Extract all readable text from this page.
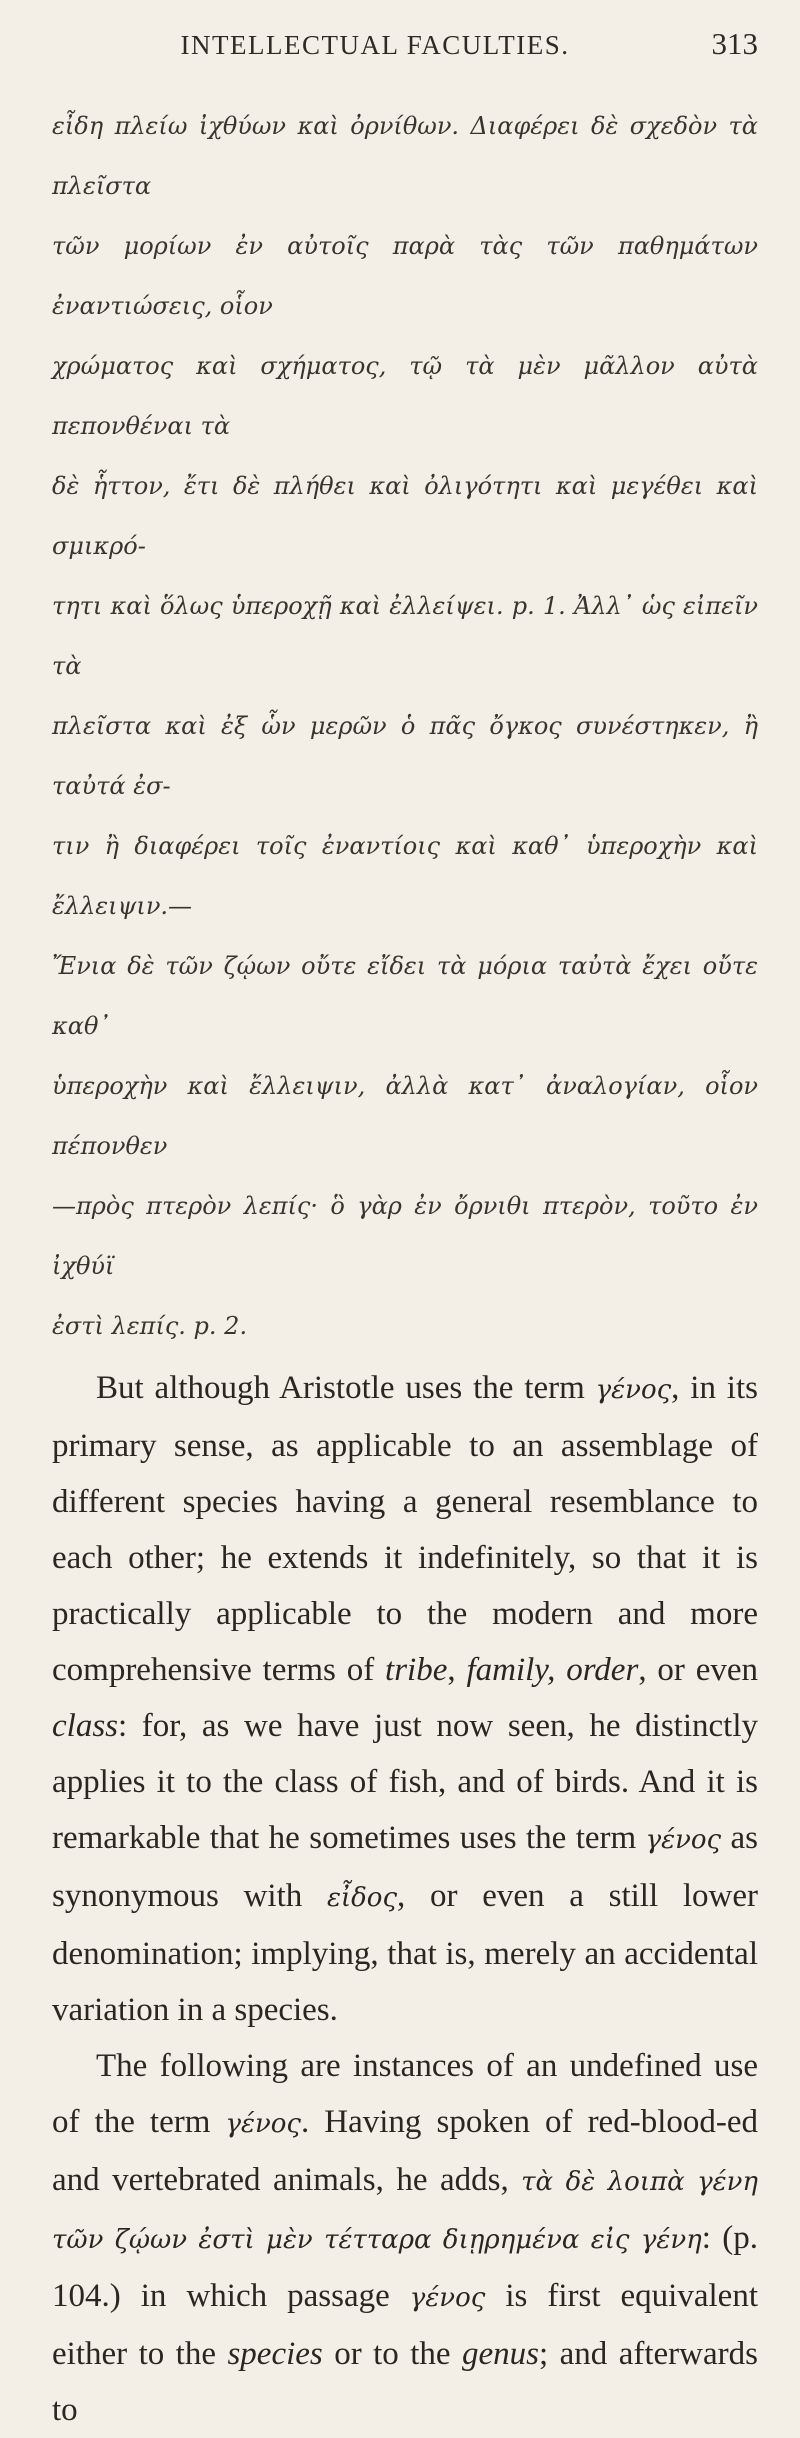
INTELLECTUAL FACULTIES.	313

εἶδη πλείω ἰχθύων καὶ ὀρνίθων. Διαφέρει δὲ σχεδὸν τὰ πλεῖστα

τῶν μορίων ἐν αὐτοῖς παρὰ τὰς τῶν παθημάτων ἐναντιώσεις, οἷον

χρώματος καὶ σχήματος, τῷ τὰ μὲν μᾶλλον αὐτὰ πεπονθέναι τὰ

δὲ ἧττον, ἔτι δὲ πλήθει καὶ ὀλιγότητι καὶ μεγέθει καὶ σμικρό-

τητι καὶ ὅλως ὑπεροχῇ καὶ ἐλλείψει. p. 1. Ἀλλ᾽ ὡς εἰπεῖν τὰ

πλεῖστα καὶ ἐξ ὧν μερῶν ὁ πᾶς ὄγκος συνέστηκεν, ἢ ταὐτά ἐσ-

τιν ἢ διαφέρει τοῖς ἐναντίοις καὶ καθ᾽ ὑπεροχὴν καὶ ἔλλειψιν.—

Ἔνια δὲ τῶν ζῴων οὔτε εἴδει τὰ μόρια ταὐτὰ ἔχει οὔτε καθ᾽

ὑπεροχὴν καὶ ἔλλειψιν, ἀλλὰ κατ᾽ ἀναλογίαν, οἷον πέπονθεν

—πρὸς πτερὸν λεπίς· ὃ γὰρ ἐν ὄρνιθι πτερὸν, τοῦτο ἐν ἰχθύϊ

ἐστὶ λεπίς. p. 2.

But although Aristotle uses the term γένος, in its primary sense, as applicable to an assemblage of different species having a general resemblance to each other; he extends it indefinitely, so that it is practically applicable to the modern and more comprehensive terms of tribe, family, order, or even class: for, as we have just now seen, he distinctly applies it to the class of fish, and of birds. And it is remarkable that he sometimes uses the term γένος as synonymous with εἶδος, or even a still lower denomination; implying, that is, merely an accidental variation in a species.

The following are instances of an undefined use of the term γένος. Having spoken of red-blood-ed and vertebrated animals, he adds, τὰ δὲ λοιπὰ γένη τῶν ζῴων ἐστὶ μὲν τέτταρα διῃρημένα εἰς γένη: (p. 104.) in which passage γένος is first equivalent either to the species or to the genus; and afterwards to
